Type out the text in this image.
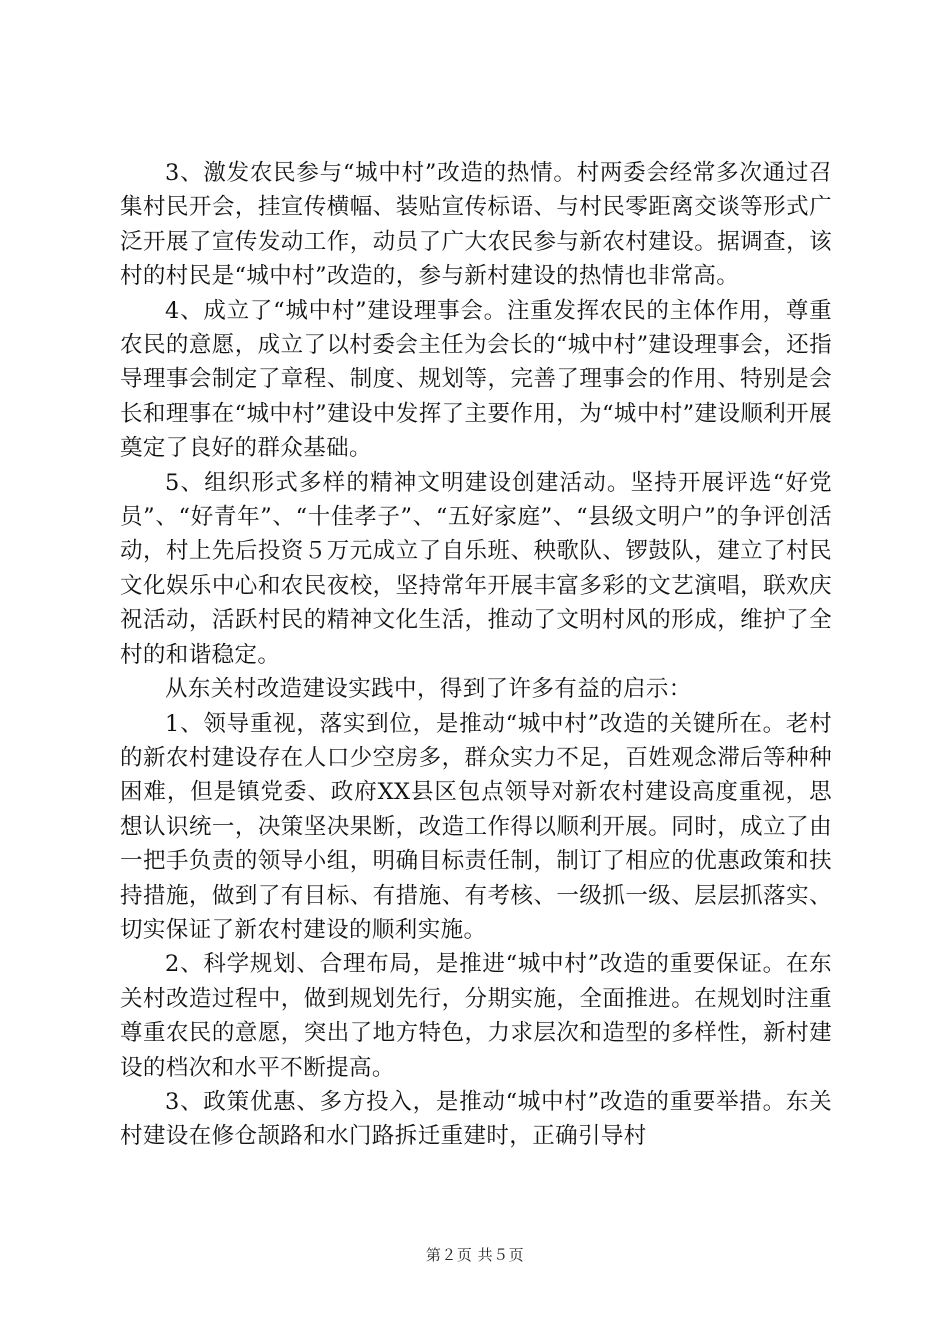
3、激发农民参与“城中村”改造的热情。村两委会经常多次通过召集村民开会，挂宣传横幅、装贴宣传标语、与村民零距离交谈等形式广泛开展了宣传发动工作，动员了广大农民参与新农村建设。据调查，该村的村民是“城中村”改造的，参与新村建设的热情也非常高。

4、成立了“城中村”建设理事会。注重发挥农民的主体作用，尊重农民的意愿，成立了以村委会主任为会长的“城中村”建设理事会，还指导理事会制定了章程、制度、规划等，完善了理事会的作用、特别是会长和理事在“城中村”建设中发挥了主要作用，为“城中村”建设顺利开展奠定了良好的群众基础。

5、组织形式多样的精神文明建设创建活动。坚持开展评选“好党员”、“好青年”、“十佳孝子”、“五好家庭”、“县级文明户”的争评创活动，村上先后投资５万元成立了自乐班、秧歌队、锣鼓队，建立了村民文化娱乐中心和农民夜校，坚持常年开展丰富多彩的文艺演唱，联欢庆祝活动，活跃村民的精神文化生活，推动了文明村风的形成，维护了全村的和谐稳定。

从东关村改造建设实践中，得到了许多有益的启示：

1、领导重视，落实到位，是推动“城中村”改造的关键所在。老村的新农村建设存在人口少空房多，群众实力不足，百姓观念滞后等种种困难，但是镇党委、政府XX县区包点领导对新农村建设高度重视，思想认识统一，决策坚决果断，改造工作得以顺利开展。同时，成立了由一把手负责的领导小组，明确目标责任制，制订了相应的优惠政策和扶持措施，做到了有目标、有措施、有考核、一级抓一级、层层抓落实、切实保证了新农村建设的顺利实施。

2、科学规划、合理布局，是推进“城中村”改造的重要保证。在东关村改造过程中，做到规划先行，分期实施，全面推进。在规划时注重尊重农民的意愿，突出了地方特色，力求层次和造型的多样性，新村建设的档次和水平不断提高。

3、政策优惠、多方投入，是推动“城中村”改造的重要举措。东关村建设在修仓颉路和水门路拆迁重建时，正确引导村

第２页 共５页
